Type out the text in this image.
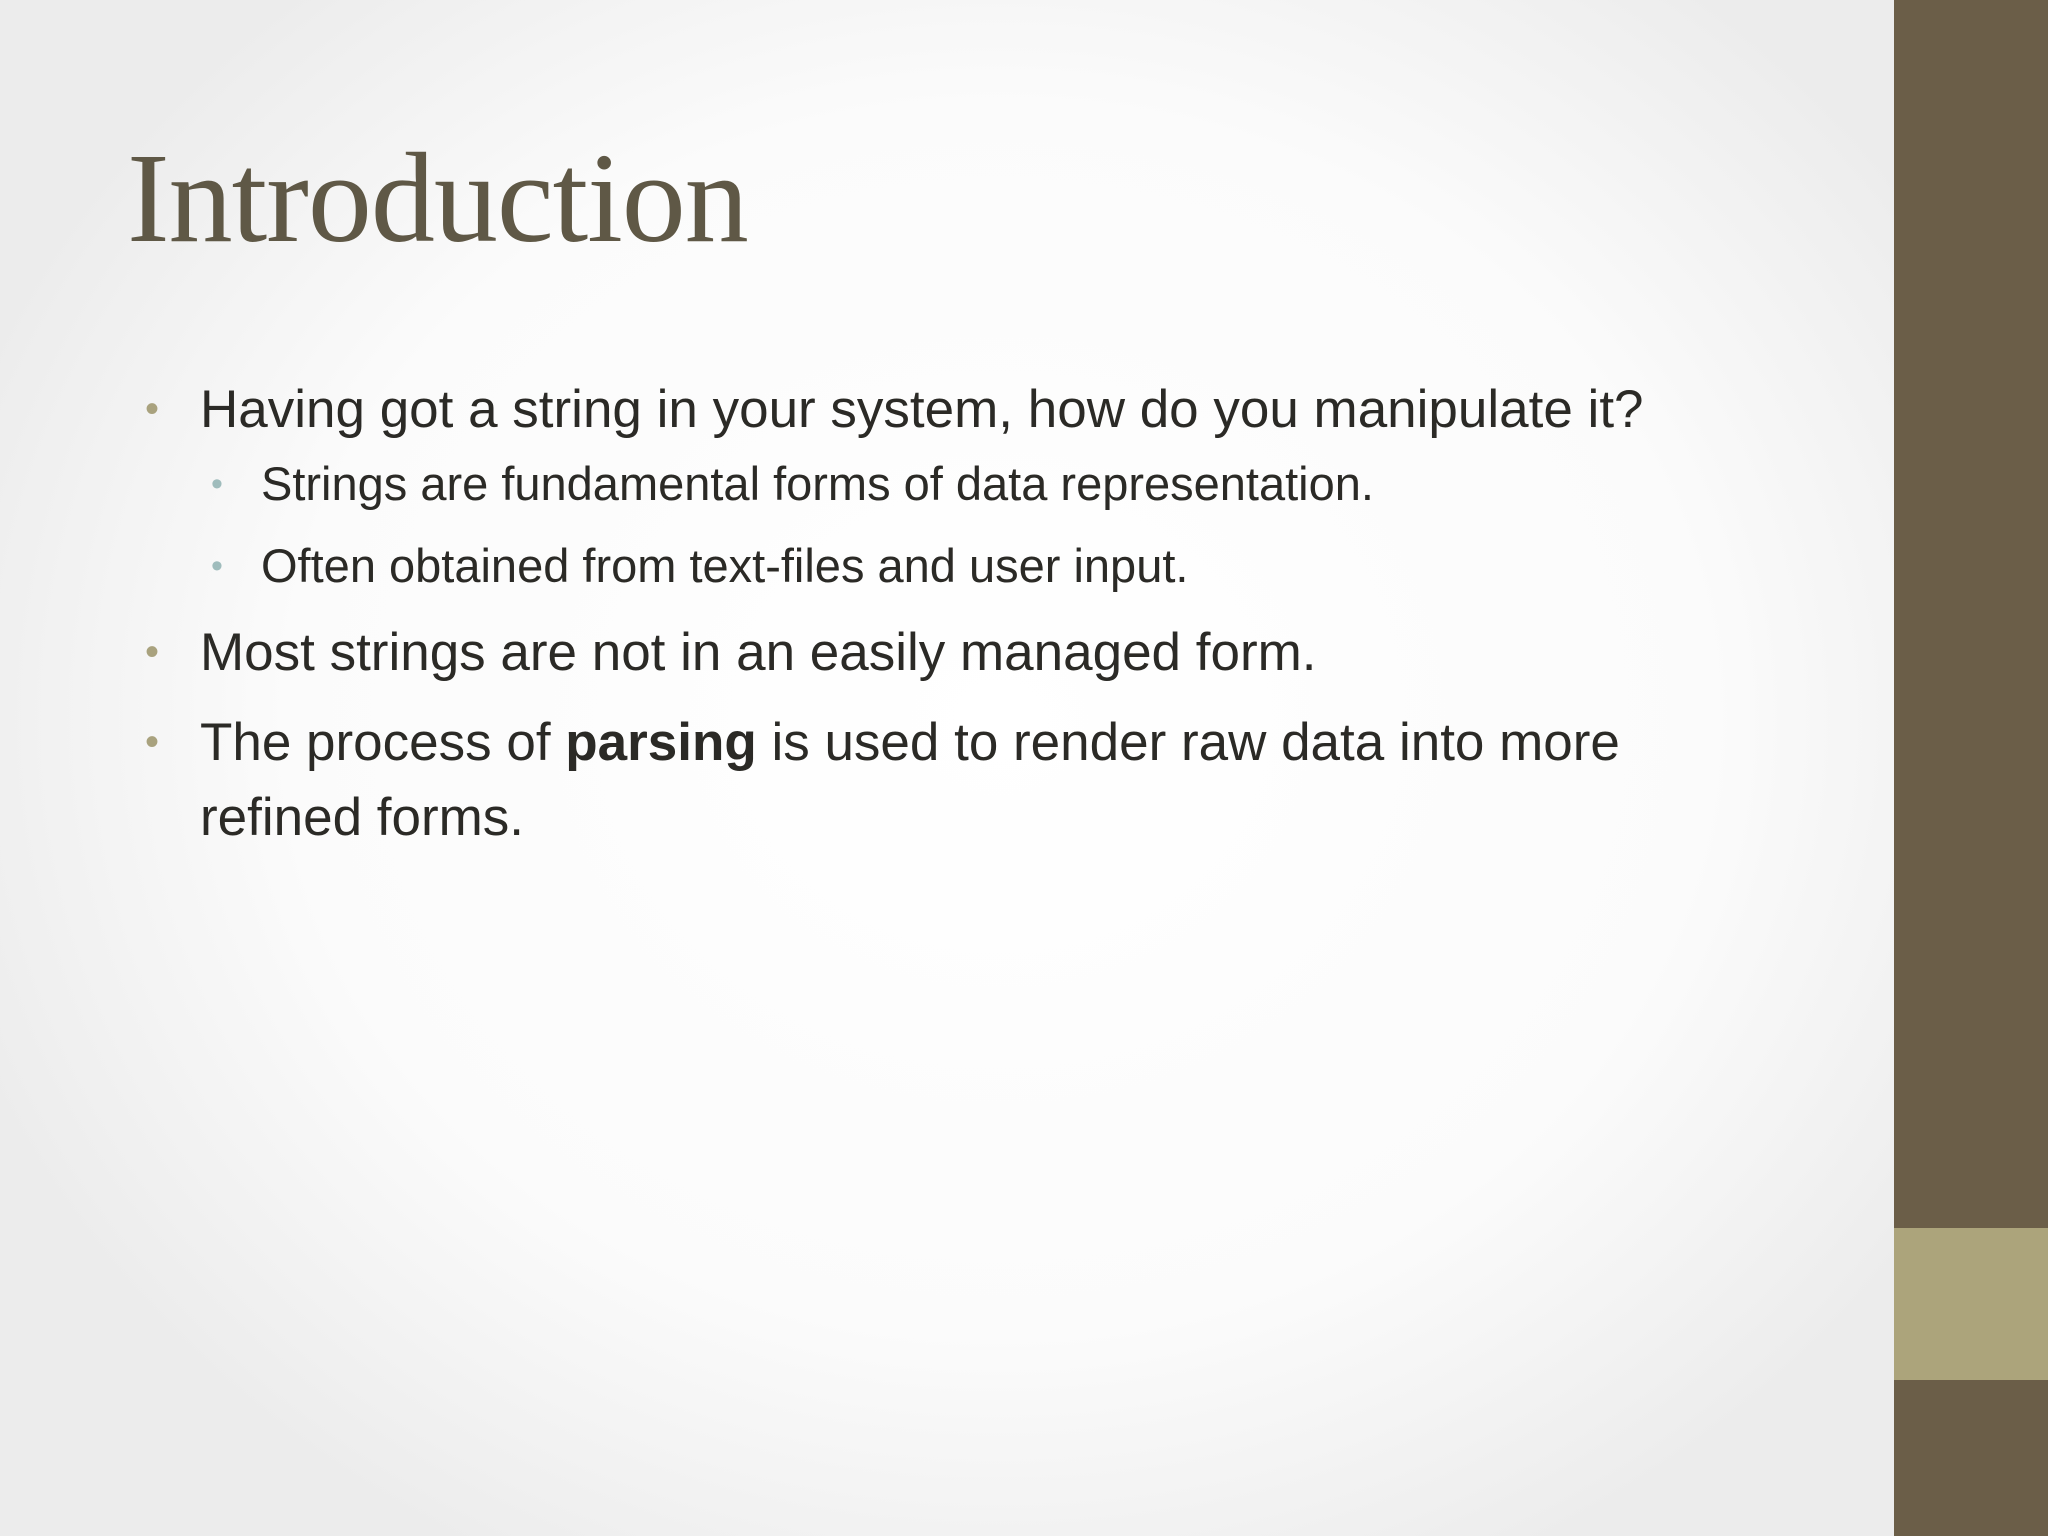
Introduction
• Having got a string in your system, how do you manipulate it?
• Strings are fundamental forms of data representation.
• Often obtained from text-files and user input.
• Most strings are not in an easily managed form.
• The process of parsing is used to render raw data into more refined forms.
